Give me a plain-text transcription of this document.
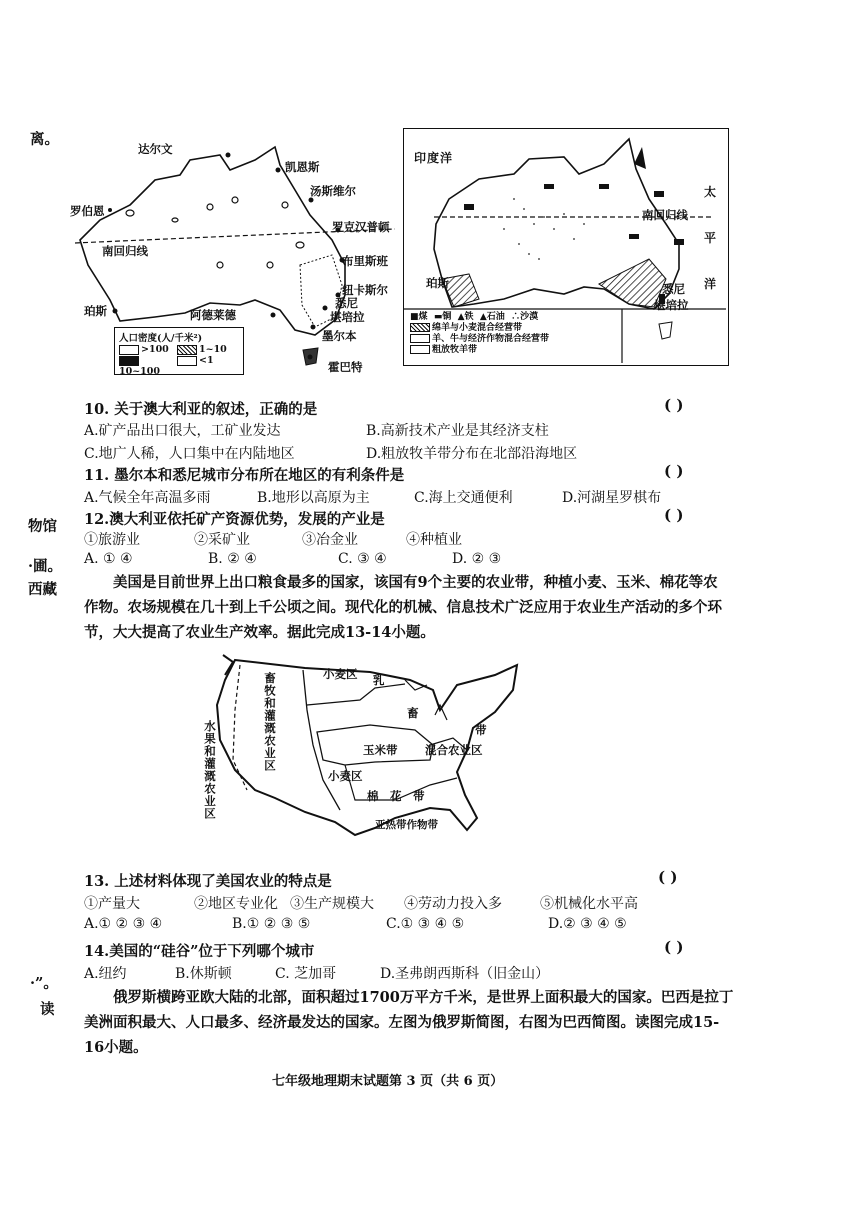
离。
物馆
·圃。
西藏
·”。
读
达尔文
凯恩斯
汤斯维尔
罗伯恩
南回归线
罗克汉普顿
布里斯班
纽卡斯尔
悉尼
堪培拉
珀斯	阿德莱德
墨尔本
霍巴特
人口密度(人/千米²)
>100	1~10
10~100
<1
印度洋
南回归线
太平洋
珀斯	悉尼
堪培拉
■煤 ▬铜 ▲铁 ▲石油 ∴沙漠
绵羊与小麦混合经营带
羊、牛与经济作物混合经营带
粗放牧羊带
10. 关于澳大利亚的叙述，正确的是	( )
A.矿产品出口很大，工矿业发达	B.高新技术产业是其经济支柱
C.地广人稀，人口集中在内陆地区	D.粗放牧羊带分布在北部沿海地区
11. 墨尔本和悉尼城市分布所在地区的有利条件是	( )
A.气候全年高温多雨	B.地形以高原为主	C.海上交通便利	D.河湖星罗棋布
12.澳大利亚依托矿产资源优势，发展的产业是	( )
①旅游业	②采矿业	③冶金业	④种植业
A. ① ④	B. ② ④	C. ③ ④	D. ② ③
美国是目前世界上出口粮食最多的国家，该国有9个主要的农业带，种植小麦、玉米、棉花等农作物。农场规模在几十到上千公顷之间。现代化的机械、信息技术广泛应用于农业生产活动的多个环节，大大提高了农业生产效率。据此完成13-14小题。
小麦区 乳
畜
带
畜牧和灌溉农业区
水果和灌溉农业区	玉米带
小麦区
混合农业区
棉　花　带
亚热带作物带
13. 上述材料体现了美国农业的特点是	( )
①产量大	②地区专业化 ③生产规模大 ④劳动力投入多	⑤机械化水平高
A.① ② ③ ④	B.① ② ③ ⑤	C.① ③ ④ ⑤	D.② ③ ④ ⑤
14.美国的“硅谷”位于下列哪个城市	( )
A.纽约	B.休斯顿	C. 芝加哥	D.圣弗朗西斯科（旧金山）
俄罗斯横跨亚欧大陆的北部，面积超过1700万平方千米，是世界上面积最大的国家。巴西是拉丁美洲面积最大、人口最多、经济最发达的国家。左图为俄罗斯简图，右图为巴西简图。读图完成15-16小题。
七年级地理期末试题第 3 页（共 6 页）
